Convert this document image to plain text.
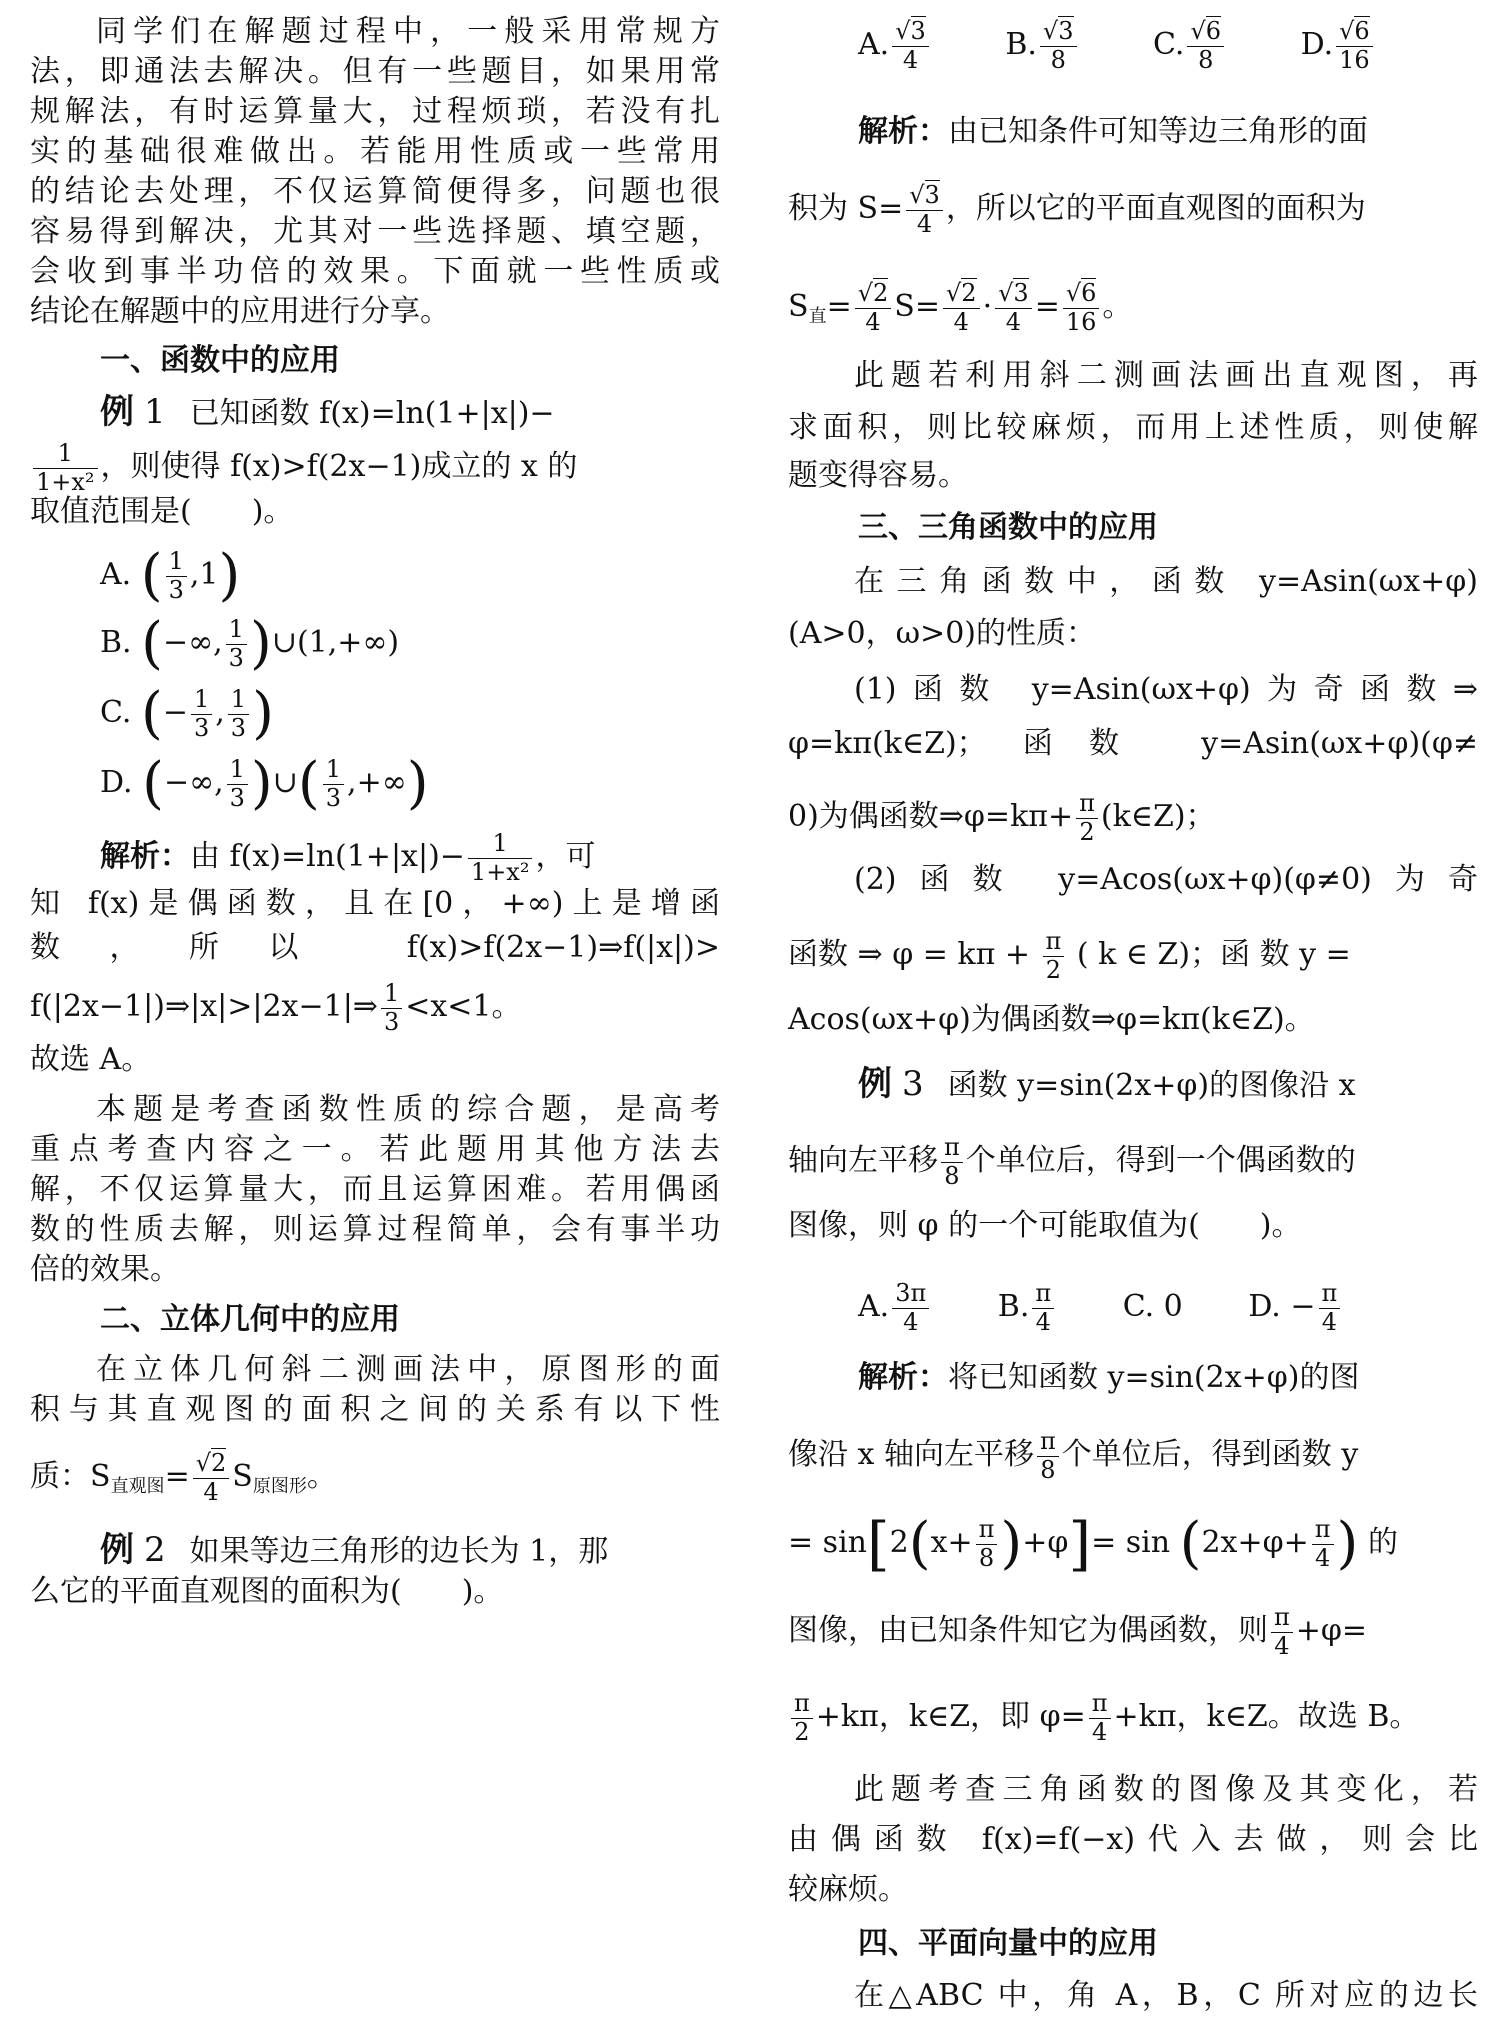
同学们在解题过程中，一般采用常规方

法，即通法去解决。但有一些题目，如果用常

规解法，有时运算量大，过程烦琐，若没有扎

实的基础很难做出。若能用性质或一些常用

的结论去处理，不仅运算简便得多，问题也很

容易得到解决，尤其对一些选择题、填空题，

会收到事半功倍的效果。下面就一些性质或

结论在解题中的应用进行分享。

一、函数中的应用

例 1 已知函数 f(x)=ln(1+|x|)−

$\frac{1}{\text{1+x²}}$ ，则使得 f(x)>f(2x−1)成立的 x 的

取值范围是(　　)。

A. ( $\frac{1}{3} ,1$)

B. (−∞, $\frac{1}{3}$ )∪(1,+∞)

C. (− $\frac{1}{3}$ , $\frac{1}{3}$ )

D. (−∞, $\frac{1}{3}$ )∪( $\frac{1}{3}$ ,+∞)

解析：由 $f(x)=\ln(1+|x|)- \frac{1}{\text{1+x²}}$ ，可

知 f(x)是偶函数，且在[0，+∞)上是增函

数，所以 f(x)>f(2x−1)⇒f(|x|)>

f(|2x−1|)⇒|x|>|2x−1|⇒ $\frac{1}{3} <x<1$。

故选 A。

本题是考查函数性质的综合题，是高考

重点考查内容之一。若此题用其他方法去

解，不仅运算量大，而且运算困难。若用偶函

数的性质去解，则运算过程简单，会有事半功

倍的效果。

二、立体几何中的应用

在立体几何斜二测画法中，原图形的面

积与其直观图的面积之间的关系有以下性

质：$S_{直观图}= \frac{√2}{4} S_{原图形}$。

例 2 如果等边三角形的边长为 1，那

么它的平面直观图的面积为(　　)。

A. $\frac{√3}{4}$	B. $\frac{√3}{8}$	C. $\frac{√6}{8}$	D. $\frac{√6}{16}$

解析：由已知条件可知等边三角形的面

积为 $S= \frac{√3}{4}$ ，所以它的平面直观图的面积为

$S_直= \frac{√2}{4} S= \frac{√2}{4} \cdot \frac{√3}{4} = \frac{√6}{16}$ 。

此题若利用斜二测画法画出直观图，再

求面积，则比较麻烦，而用上述性质，则使解

题变得容易。

三、三角函数中的应用

在三角函数中，函数 y=Asin(ωx+φ)

(A>0，ω>0)的性质：

(1)函数 y=Asin(ωx+φ)为奇函数⇒

φ=kπ(k∈Z)；函数 y=Asin(ωx+φ)(φ≠

0)为偶函数⇒φ=kπ+ $\frac{\pi}{2}$ (k∈Z)；

(2)函数 y=Acos(ωx+φ)(φ≠0)为奇

函数 ⇒ $\varphi = k\pi + \frac{\pi}{2}$ ( k ∈ Z)；函 数 y =

Acos(ωx+φ)为偶函数⇒φ=kπ(k∈Z)。

例 3 函数 y=sin(2x+φ)的图像沿 x

轴向左平移 $\frac{\pi}{8}$ 个单位后，得到一个偶函数的

图像，则 φ 的一个可能取值为(　　)。

A. $\frac{3\pi}{4} B$. $\frac{\pi}{4} C$. 0 D. − $\frac{\pi}{4}$

解析：将已知函数 y=sin(2x+φ)的图

像沿 x 轴向左平移 $\frac{\pi}{8}$ 个单位后，得到函数 y

= $\sin[2(x+ \frac{\pi}{8} )+\varphi]= \sin (2x+\varphi+ \frac{\pi}{4}$ ) 的

图像，由已知条件知它为偶函数，则 $\frac{\pi}{4} +\varphi=$

$\frac{\pi}{2} +k\pi$，k∈Z，即 $\varphi= \frac{\pi}{4} +k\pi$，k∈Z。故选 B。

此题考查三角函数的图像及其变化，若

由偶函数 f(x)=f(−x)代入去做，则会比

较麻烦。

四、平面向量中的应用

在△ABC 中，角 A，B，C 所对应的边长
